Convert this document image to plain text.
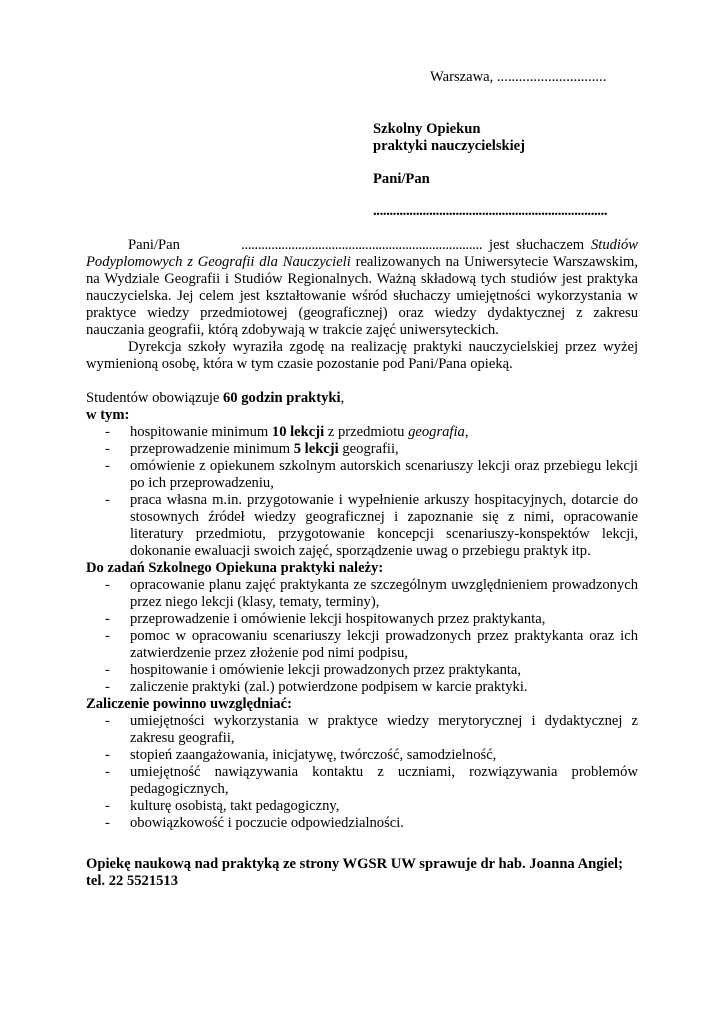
Warszawa, ..............................
Szkolny Opiekun
praktyki nauczycielskiej
Pani/Pan
.......................................................................

Pani/Pan	........................................................................ jest słuchaczem Studiów Podyplomowych z Geografii dla Nauczycieli realizowanych na Uniwersytecie Warszawskim, na Wydziale Geografii i Studiów Regionalnych. Ważną składową tych studiów jest praktyka nauczycielska. Jej celem jest kształtowanie wśród słuchaczy umiejętności wykorzystania w praktyce wiedzy przedmiotowej (geograficznej) oraz wiedzy dydaktycznej z zakresu nauczania geografii, którą zdobywają w trakcie zajęć uniwersyteckich.

Dyrekcja szkoły wyraziła zgodę na realizację praktyki nauczycielskiej przez wyżej wymienioną osobę, która w tym czasie pozostanie pod Pani/Pana opieką.

Studentów obowiązuje 60 godzin praktyki,

w tym:

- hospitowanie minimum 10 lekcji z przedmiotu geografia,
- przeprowadzenie minimum 5 lekcji geografii,
- omówienie z opiekunem szkolnym autorskich scenariuszy lekcji oraz przebiegu lekcji po ich przeprowadzeniu,
- praca własna m.in. przygotowanie i wypełnienie arkuszy hospitacyjnych, dotarcie do stosownych źródeł wiedzy geograficznej i zapoznanie się z nimi, opracowanie literatury przedmiotu, przygotowanie koncepcji scenariuszy-konspektów lekcji, dokonanie ewaluacji swoich zajęć, sporządzenie uwag o przebiegu praktyk itp.

Do zadań Szkolnego Opiekuna praktyki należy:

- opracowanie planu zajęć praktykanta ze szczególnym uwzględnieniem prowadzonych przez niego lekcji (klasy, tematy, terminy),
- przeprowadzenie i omówienie lekcji hospitowanych przez praktykanta,
- pomoc w opracowaniu scenariuszy lekcji prowadzonych przez praktykanta oraz ich zatwierdzenie przez złożenie pod nimi podpisu,
- hospitowanie i omówienie lekcji prowadzonych przez praktykanta,
- zaliczenie praktyki (zal.) potwierdzone podpisem w karcie praktyki.

Zaliczenie powinno uwzględniać:

- umiejętności wykorzystania w praktyce wiedzy merytorycznej i dydaktycznej z zakresu geografii,
- stopień zaangażowania, inicjatywę, twórczość, samodzielność,
- umiejętność nawiązywania kontaktu z uczniami, rozwiązywania problemów pedagogicznych,
- kulturę osobistą, takt pedagogiczny,
- obowiązkowość i poczucie odpowiedzialności.
Opiekę naukową nad praktyką ze strony WGSR UW sprawuje dr hab. Joanna Angiel;
tel. 22 5521513
